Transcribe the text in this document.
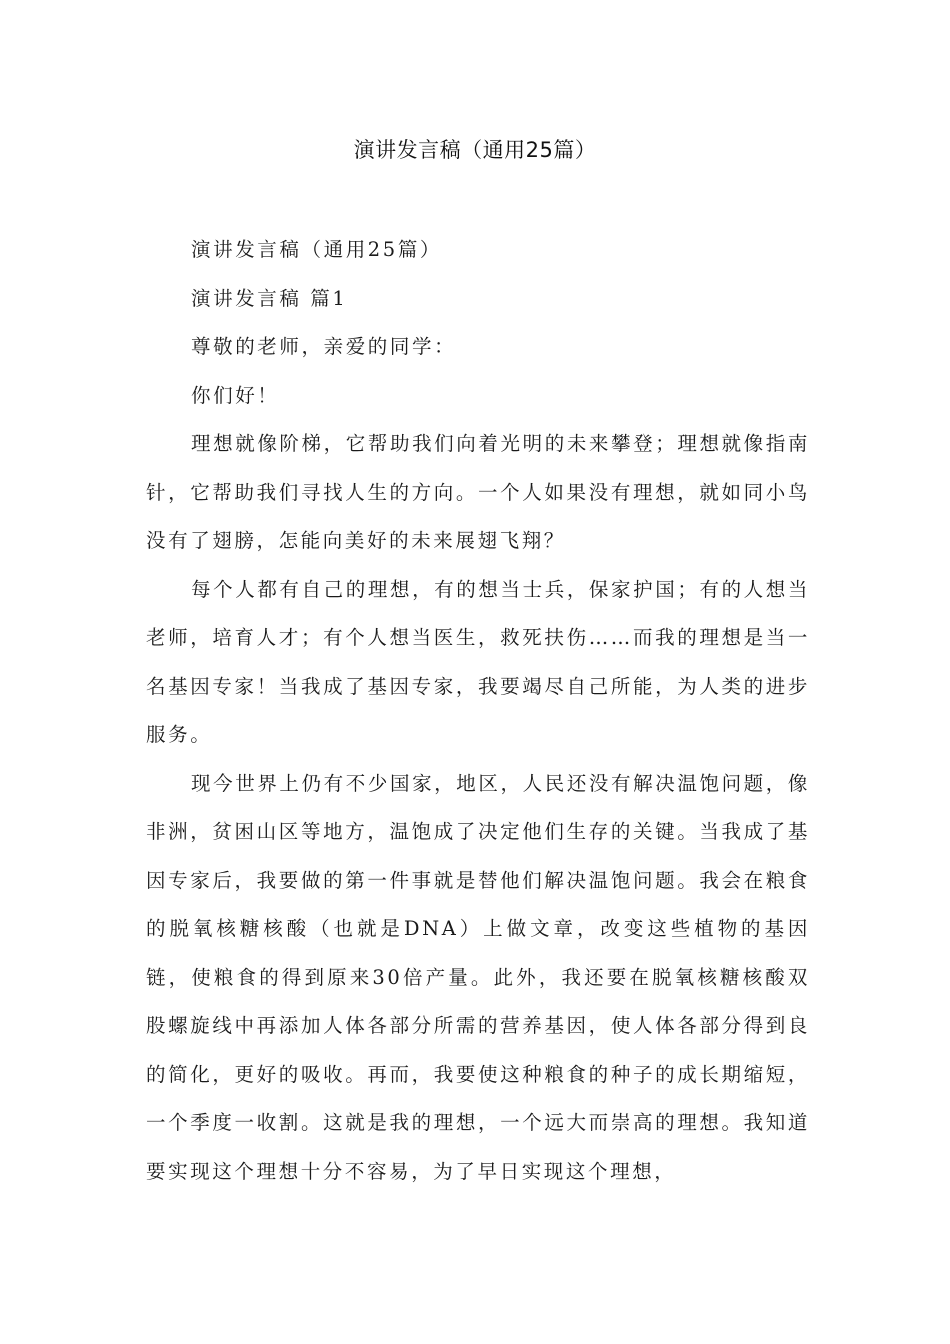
演讲发言稿（通用25篇）

演讲发言稿（通用25篇）

演讲发言稿 篇1

尊敬的老师，亲爱的同学：

你们好！

理想就像阶梯，它帮助我们向着光明的未来攀登；理想就像指南针，它帮助我们寻找人生的方向。一个人如果没有理想，就如同小鸟没有了翅膀，怎能向美好的未来展翅飞翔？

每个人都有自己的理想，有的想当士兵，保家护国；有的人想当老师，培育人才；有个人想当医生，救死扶伤……而我的理想是当一名基因专家！当我成了基因专家，我要竭尽自己所能，为人类的进步服务。

现今世界上仍有不少国家，地区，人民还没有解决温饱问题，像非洲，贫困山区等地方，温饱成了决定他们生存的关键。当我成了基因专家后，我要做的第一件事就是替他们解决温饱问题。我会在粮食的脱氧核糖核酸（也就是DNA）上做文章，改变这些植物的基因链，使粮食的得到原来30倍产量。此外，我还要在脱氧核糖核酸双股螺旋线中再添加人体各部分所需的营养基因，使人体各部分得到良的简化，更好的吸收。再而，我要使这种粮食的种子的成长期缩短，一个季度一收割。这就是我的理想，一个远大而崇高的理想。我知道要实现这个理想十分不容易，为了早日实现这个理想，
